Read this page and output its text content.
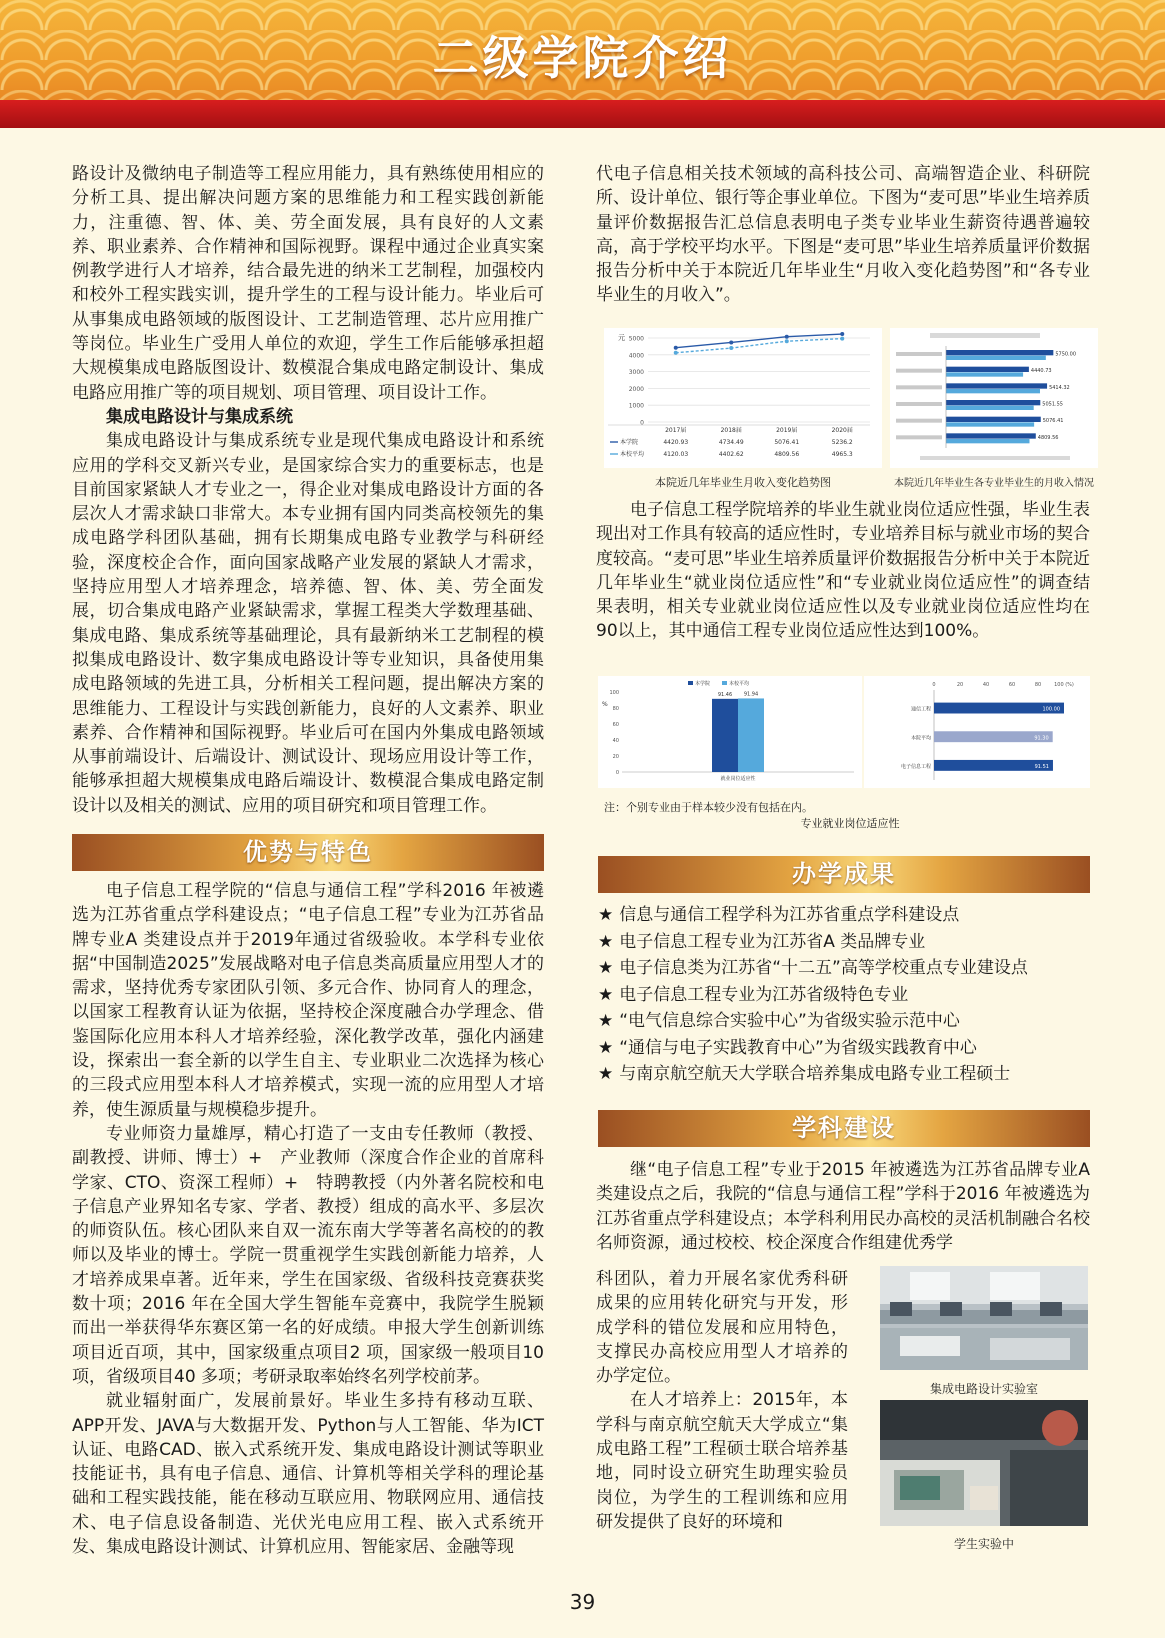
二级学院介绍

路设计及微纳电子制造等工程应用能力，具有熟练使用相应的分析工具、提出解决问题方案的思维能力和工程实践创新能力，注重德、智、体、美、劳全面发展，具有良好的人文素养、职业素养、合作精神和国际视野。课程中通过企业真实案例教学进行人才培养，结合最先进的纳米工艺制程，加强校内和校外工程实践实训，提升学生的工程与设计能力。毕业后可从事集成电路领域的版图设计、工艺制造管理、芯片应用推广等岗位。毕业生广受用人单位的欢迎，学生工作后能够承担超大规模集成电路版图设计、数模混合集成电路定制设计、集成电路应用推广等的项目规划、项目管理、项目设计工作。

集成电路设计与集成系统

集成电路设计与集成系统专业是现代集成电路设计和系统应用的学科交叉新兴专业，是国家综合实力的重要标志，也是目前国家紧缺人才专业之一，得企业对集成电路设计方面的各层次人才需求缺口非常大。本专业拥有国内同类高校领先的集成电路学科团队基础，拥有长期集成电路专业教学与科研经验，深度校企合作，面向国家战略产业发展的紧缺人才需求，坚持应用型人才培养理念，培养德、智、体、美、劳全面发展，切合集成电路产业紧缺需求，掌握工程类大学数理基础、集成电路、集成系统等基础理论，具有最新纳米工艺制程的模拟集成电路设计、数字集成电路设计等专业知识，具备使用集成电路领域的先进工具，分析相关工程问题，提出解决方案的思维能力、工程设计与实践创新能力，良好的人文素养、职业素养、合作精神和国际视野。毕业后可在国内外集成电路领域从事前端设计、后端设计、测试设计、现场应用设计等工作，能够承担超大规模集成电路后端设计、数模混合集成电路定制设计以及相关的测试、应用的项目研究和项目管理工作。

优势与特色

电子信息工程学院的“信息与通信工程”学科2016 年被遴选为江苏省重点学科建设点；“电子信息工程”专业为江苏省品牌专业A 类建设点并于2019年通过省级验收。本学科专业依据“中国制造2025”发展战略对电子信息类高质量应用型人才的需求，坚持优秀专家团队引领、多元合作、协同育人的理念，以国家工程教育认证为依据，坚持校企深度融合办学理念、借鉴国际化应用本科人才培养经验，深化教学改革，强化内涵建设，探索出一套全新的以学生自主、专业职业二次选择为核心的三段式应用型本科人才培养模式，实现一流的应用型人才培养，使生源质量与规模稳步提升。

专业师资力量雄厚，精心打造了一支由专任教师（教授、副教授、讲师、博士）+　产业教师（深度合作企业的首席科学家、CTO、资深工程师）+　特聘教授（内外著名院校和电子信息产业界知名专家、学者、教授）组成的高水平、多层次的师资队伍。核心团队来自双一流东南大学等著名高校的的教师以及毕业的博士。学院一贯重视学生实践创新能力培养，人才培养成果卓著。近年来，学生在国家级、省级科技竞赛获奖数十项；2016 年在全国大学生智能车竞赛中，我院学生脱颖而出一举获得华东赛区第一名的好成绩。申报大学生创新训练项目近百项，其中，国家级重点项目2 项，国家级一般项目10 项，省级项目40 多项；考研录取率始终名列学校前茅。

就业辐射面广，发展前景好。毕业生多持有移动互联、APP开发、JAVA与大数据开发、Python与人工智能、华为ICT 认证、电路CAD、嵌入式系统开发、集成电路设计测试等职业技能证书，具有电子信息、通信、计算机等相关学科的理论基础和工程实践技能，能在移动互联应用、物联网应用、通信技术、电子信息设备制造、光伏光电应用工程、嵌入式系统开发、集成电路设计测试、计算机应用、智能家居、金融等现

代电子信息相关技术领域的高科技公司、高端智造企业、科研院所、设计单位、银行等企事业单位。下图为“麦可思”毕业生培养质量评价数据报告汇总信息表明电子类专业毕业生薪资待遇普遍较高，高于学校平均水平。下图是“麦可思”毕业生培养质量评价数据报告分析中关于本院近几年毕业生“月收入变化趋势图”和“各专业毕业生的月收入”。

元
0
1000
2000
3000
4000
5000
2017届	2018届	2019届	2020届
本学院	4420.93	4734.49	5076.41	5236.2
本校平均	4120.03	4402.62	4809.56	4965.3
本院近几年毕业生月收入变化趋势图
5750.00
4440.73
5414.32
5051.55
5076.41
4809.56
本院近几年毕业生各专业毕业生的月收入情况

电子信息工程学院培养的毕业生就业岗位适应性强，毕业生表现出对工作具有较高的适应性时，专业培养目标与就业市场的契合度较高。“麦可思”毕业生培养质量评价数据报告分析中关于本院近几年毕业生“就业岗位适应性”和“专业就业岗位适应性”的调查结果表明，相关专业就业岗位适应性以及专业就业岗位适应性均在90以上，其中通信工程专业岗位适应性达到100%。

%
0
20
40
60
80
100	91.46
本学院
91.94
本校平均
就业岗位适应性
0	20	40	60	80	100 (%)
100.00
通信工程
91.30
本院平均
91.51
电子信息工程
注：个别专业由于样本较少没有包括在内。
专业就业岗位适应性
办学成果
★ 信息与通信工程学科为江苏省重点学科建设点
★ 电子信息工程专业为江苏省A 类品牌专业
★ 电子信息类为江苏省“十二五”高等学校重点专业建设点
★ 电子信息工程专业为江苏省级特色专业
★ “电气信息综合实验中心”为省级实验示范中心
★ “通信与电子实践教育中心”为省级实践教育中心
★ 与南京航空航天大学联合培养集成电路专业工程硕士
学科建设

继“电子信息工程”专业于2015 年被遴选为江苏省品牌专业A 类建设点之后，我院的“信息与通信工程”学科于2016 年被遴选为江苏省重点学科建设点；本学科利用民办高校的灵活机制融合名校名师资源，通过校校、校企深度合作组建优秀学

科团队，着力开展名家优秀科研成果的应用转化研究与开发，形成学科的错位发展和应用特色，支撑民办高校应用型人才培养的办学定位。

在人才培养上：2015年，本学科与南京航空航天大学成立“集成电路工程”工程硕士联合培养基地，同时设立研究生助理实验员岗位，为学生的工程训练和应用研发提供了良好的环境和

集成电路设计实验室
学生实验中
39
